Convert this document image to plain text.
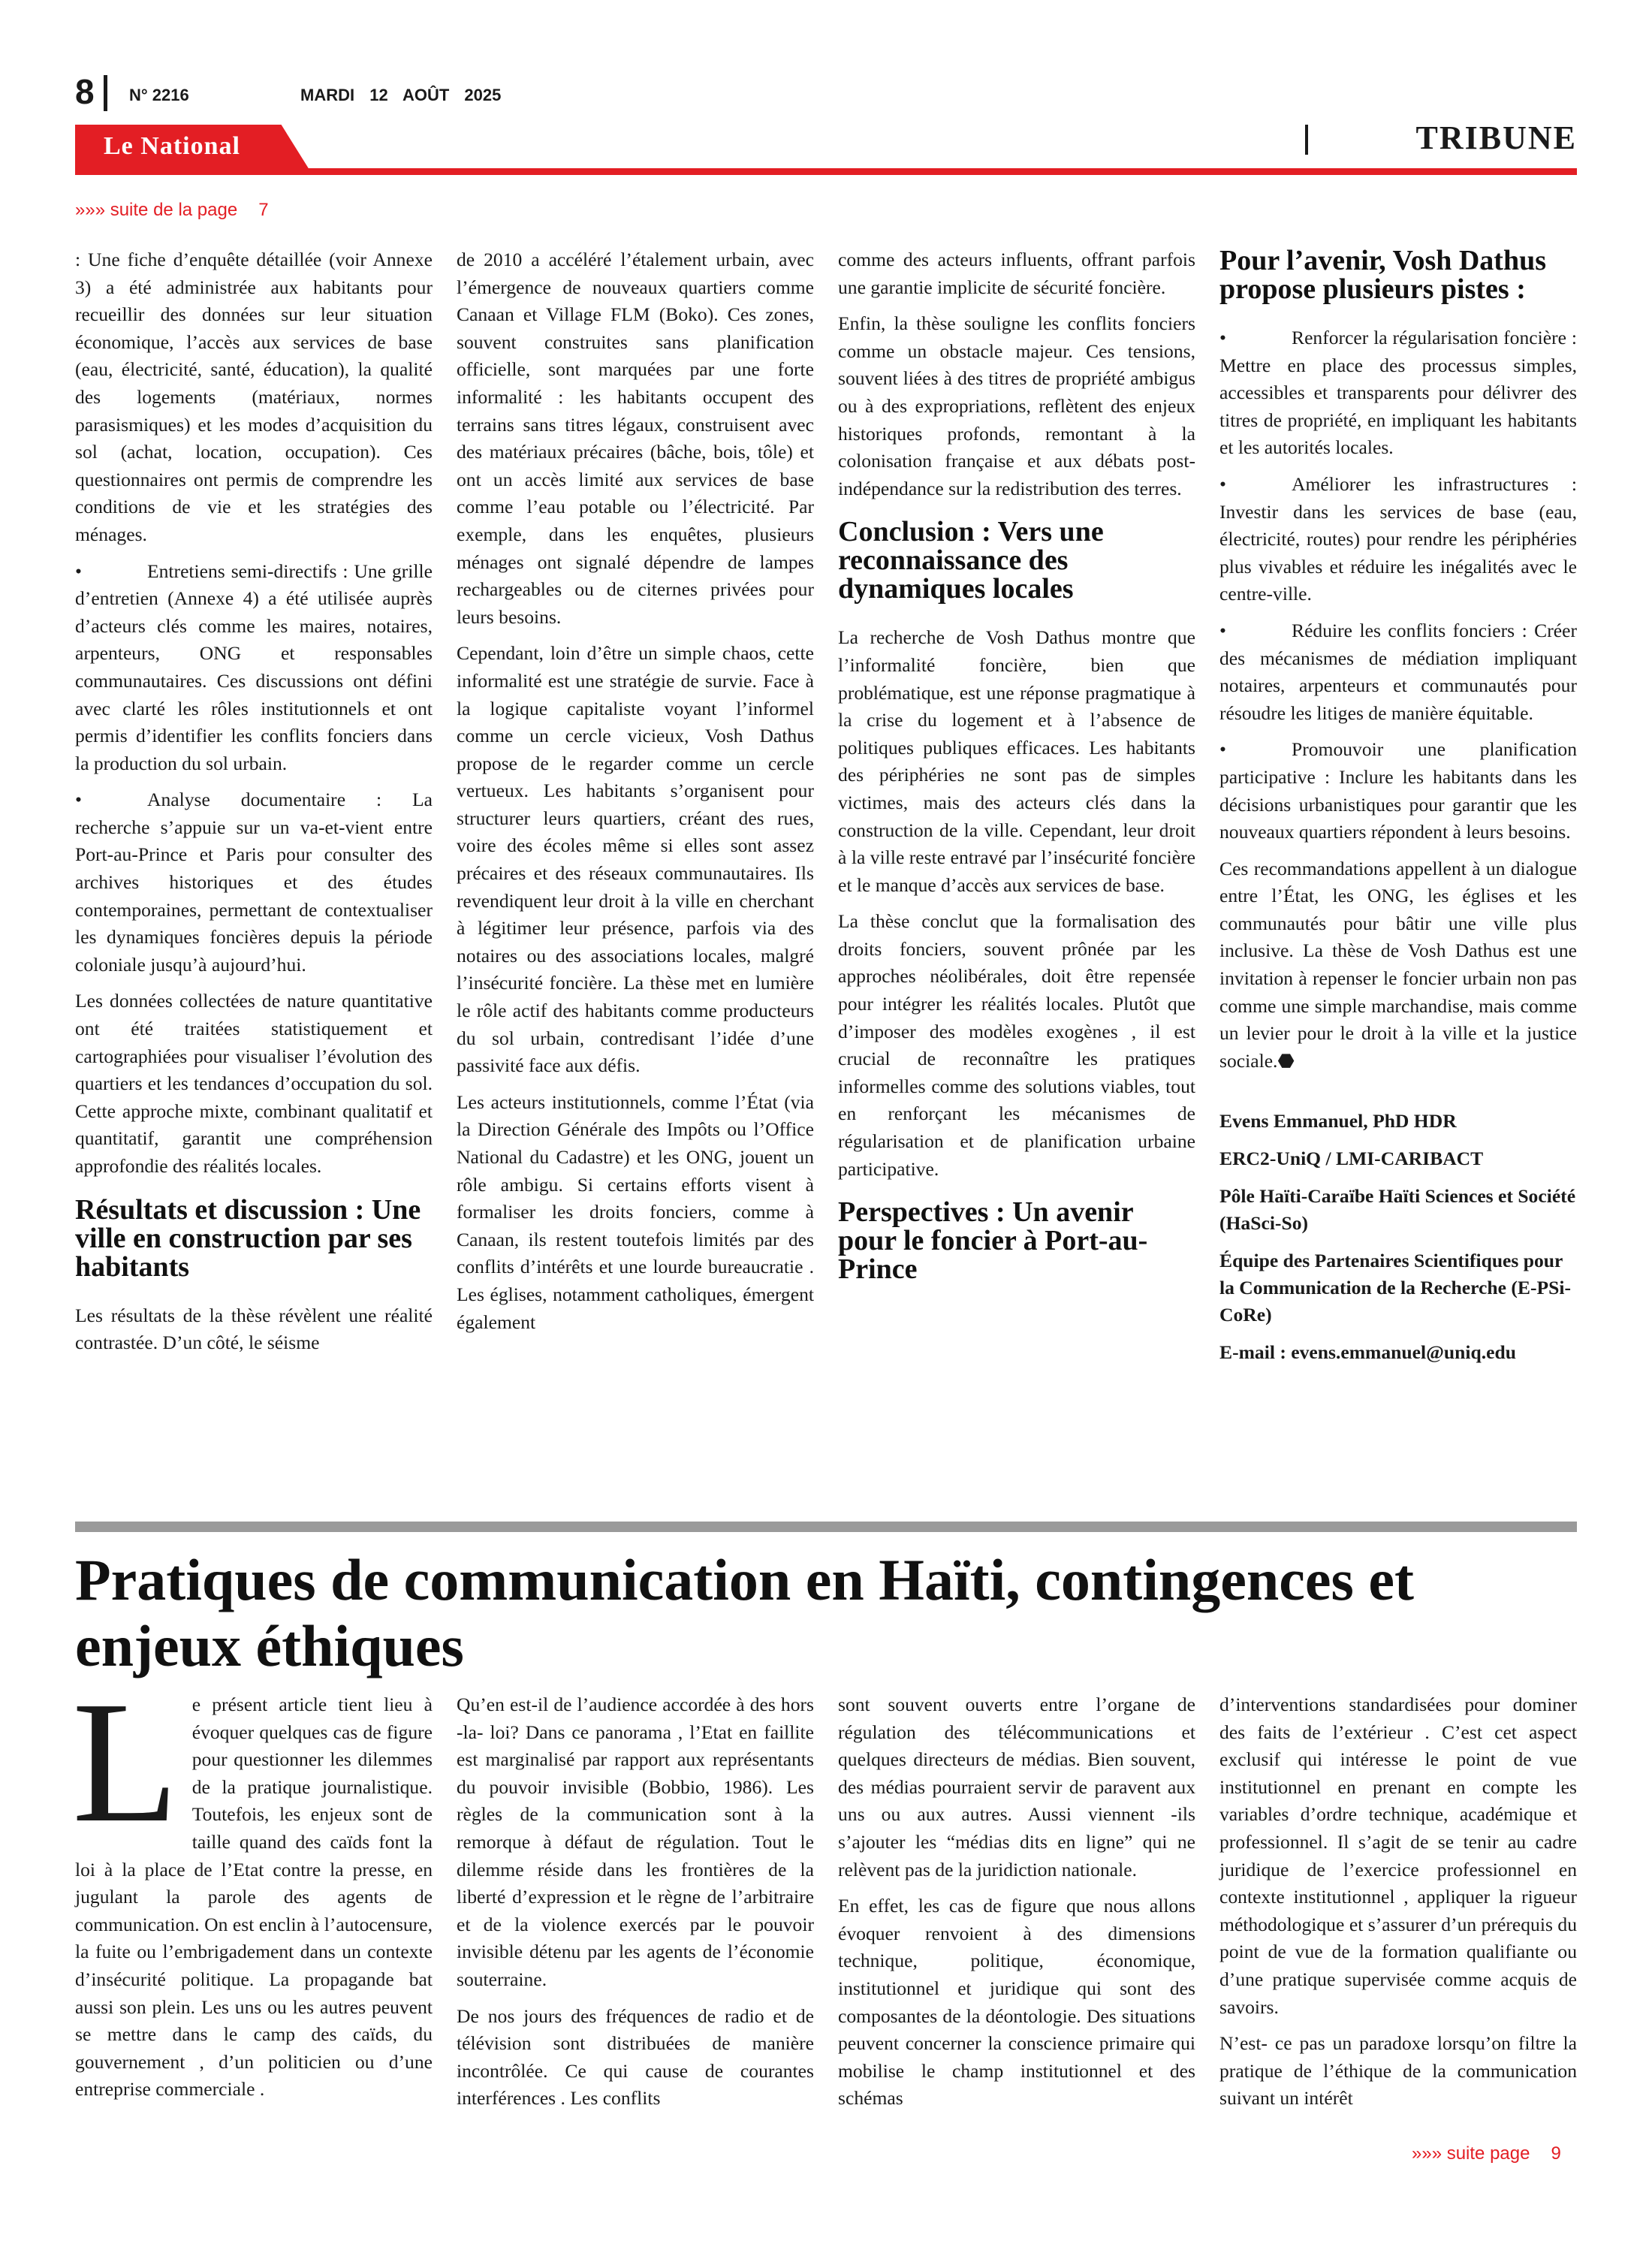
8 N° 2216	MARDI 12 AOÛT 2025
Le National	TRIBUNE
»»» suite de la page 7

: Une fiche d’enquête détaillée (voir Annexe 3) a été administrée aux habitants pour recueillir des données sur leur situation économique, l’accès aux services de base (eau, électricité, santé, éducation), la qualité des logements (matériaux, normes parasismiques) et les modes d’acquisition du sol (achat, location, occupation). Ces questionnaires ont permis de comprendre les conditions de vie et les stratégies des ménages.

•	Entretiens semi-directifs : Une grille d’entretien (Annexe 4) a été utilisée auprès d’acteurs clés comme les maires, notaires, arpenteurs, ONG et responsables communautaires. Ces discussions ont défini avec clarté les rôles institutionnels et ont permis d’identifier les conflits fonciers dans la production du sol urbain.

•	Analyse documentaire : La recherche s’appuie sur un va-et-vient entre Port-au-Prince et Paris pour consulter des archives historiques et des études contemporaines, permettant de contextualiser les dynamiques foncières depuis la période coloniale jusqu’à aujourd’hui.

Les données collectées de nature quantitative ont été traitées statistiquement et cartographiées pour visualiser l’évolution des quartiers et les tendances d’occupation du sol. Cette approche mixte, combinant qualitatif et quantitatif, garantit une compréhension approfondie des réalités locales.

Résultats et discussion : Une ville en construction par ses habitants

Les résultats de la thèse révèlent une réalité contrastée. D’un côté, le séisme

de 2010 a accéléré l’étalement urbain, avec l’émergence de nouveaux quartiers comme Canaan et Village FLM (Boko). Ces zones, souvent construites sans planification officielle, sont marquées par une forte informalité : les habitants occupent des terrains sans titres légaux, construisent avec des matériaux précaires (bâche, bois, tôle) et ont un accès limité aux services de base comme l’eau potable ou l’électricité. Par exemple, dans les enquêtes, plusieurs ménages ont signalé dépendre de lampes rechargeables ou de citernes privées pour leurs besoins.

Cependant, loin d’être un simple chaos, cette informalité est une stratégie de survie. Face à la logique capitaliste voyant l’informel comme un cercle vicieux, Vosh Dathus propose de le regarder comme un cercle vertueux. Les habitants s’organisent pour structurer leurs quartiers, créant des rues, voire des écoles même si elles sont assez précaires et des réseaux communautaires. Ils revendiquent leur droit à la ville en cherchant à légitimer leur présence, parfois via des notaires ou des associations locales, malgré l’insécurité foncière. La thèse met en lumière le rôle actif des habitants comme producteurs du sol urbain, contredisant l’idée d’une passivité face aux défis.

Les acteurs institutionnels, comme l’État (via la Direction Générale des Impôts ou l’Office National du Cadastre) et les ONG, jouent un rôle ambigu. Si certains efforts visent à formaliser les droits fonciers, comme à Canaan, ils restent toutefois limités par des conflits d’intérêts et une lourde bureaucratie . Les églises, notamment catholiques, émergent également

comme des acteurs influents, offrant parfois une garantie implicite de sécurité foncière.

Enfin, la thèse souligne les conflits fonciers comme un obstacle majeur. Ces tensions, souvent liées à des titres de propriété ambigus ou à des expropriations, reflètent des enjeux historiques profonds, remontant à la colonisation française et aux débats post-indépendance sur la redistribution des terres.

Conclusion : Vers une reconnaissance des dynamiques locales

La recherche de Vosh Dathus montre que l’informalité foncière, bien que problématique, est une réponse pragmatique à la crise du logement et à l’absence de politiques publiques efficaces. Les habitants des périphéries ne sont pas de simples victimes, mais des acteurs clés dans la construction de la ville. Cependant, leur droit à la ville reste entravé par l’insécurité foncière et le manque d’accès aux services de base.

La thèse conclut que la formalisation des droits fonciers, souvent prônée par les approches néolibérales, doit être repensée pour intégrer les réalités locales. Plutôt que d’imposer des modèles exogènes , il est crucial de reconnaître les pratiques informelles comme des solutions viables, tout en renforçant les mécanismes de régularisation et de planification urbaine participative.

Perspectives : Un avenir pour le foncier à Port-au-Prince
Pour l’avenir, Vosh Dathus propose plusieurs pistes :

•	Renforcer la régularisation foncière : Mettre en place des processus simples, accessibles et transparents pour délivrer des titres de propriété, en impliquant les habitants et les autorités locales.

•	Améliorer les infrastructures : Investir dans les services de base (eau, électricité, routes) pour rendre les périphéries plus vivables et réduire les inégalités avec le centre-ville.

•	Réduire les conflits fonciers : Créer des mécanismes de médiation impliquant notaires, arpenteurs et communautés pour résoudre les litiges de manière équitable.

•	Promouvoir une planification participative : Inclure les habitants dans les décisions urbanistiques pour garantir que les nouveaux quartiers répondent à leurs besoins.

Ces recommandations appellent à un dialogue entre l’État, les ONG, les églises et les communautés pour bâtir une ville plus inclusive. La thèse de Vosh Dathus est une invitation à repenser le foncier urbain non pas comme une simple marchandise, mais comme un levier pour le droit à la ville et la justice sociale.⬣

Evens Emmanuel, PhD HDR

ERC2-UniQ / LMI-CARIBACT

Pôle Haïti-Caraïbe Haïti Sciences et Société (HaSci-So)

Équipe des Partenaires Scientifiques pour la Communication de la Recherche (E-PSi-CoRe)

E-mail : evens.emmanuel@uniq.edu

Pratiques de communication en Haïti, contingences et enjeux éthiques

Le présent article tient lieu à évoquer quelques cas de figure pour questionner les dilemmes de la pratique journalistique. Toutefois, les enjeux sont de taille quand des caïds font la loi à la place de l’Etat contre la presse, en jugulant la parole des agents de communication. On est enclin à l’autocensure, la fuite ou l’embrigadement dans un contexte d’insécurité politique. La propagande bat aussi son plein. Les uns ou les autres peuvent se mettre dans le camp des caïds, du gouvernement , d’un politicien ou d’une entreprise commerciale .

Qu’en est-il de l’audience accordée à des hors -la- loi? Dans ce panorama , l’Etat en faillite est marginalisé par rapport aux représentants du pouvoir invisible (Bobbio, 1986). Les règles de la communication sont à la remorque à défaut de régulation. Tout le dilemme réside dans les frontières de la liberté d’expression et le règne de l’arbitraire et de la violence exercés par le pouvoir invisible détenu par les agents de l’économie souterraine.

De nos jours des fréquences de radio et de télévision sont distribuées de manière incontrôlée. Ce qui cause de courantes interférences . Les conflits

sont souvent ouverts entre l’organe de régulation des télécommunications et quelques directeurs de médias. Bien souvent, des médias pourraient servir de paravent aux uns ou aux autres. Aussi viennent -ils s’ajouter les “médias dits en ligne” qui ne relèvent pas de la juridiction nationale.

En effet, les cas de figure que nous allons évoquer renvoient à des dimensions technique, politique, économique, institutionnel et juridique qui sont des composantes de la déontologie. Des situations peuvent concerner la conscience primaire qui mobilise le champ institutionnel et des schémas

d’interventions standardisées pour dominer des faits de l’extérieur . C’est cet aspect exclusif qui intéresse le point de vue institutionnel en prenant en compte les variables d’ordre technique, académique et professionnel. Il s’agit de se tenir au cadre juridique de l’exercice professionnel en contexte institutionnel , appliquer la rigueur méthodologique et s’assurer d’un prérequis du point de vue de la formation qualifiante ou d’une pratique supervisée comme acquis de savoirs.

N’est- ce pas un paradoxe lorsqu’on filtre la pratique de l’éthique de la communication suivant un intérêt

»»» suite page 9
